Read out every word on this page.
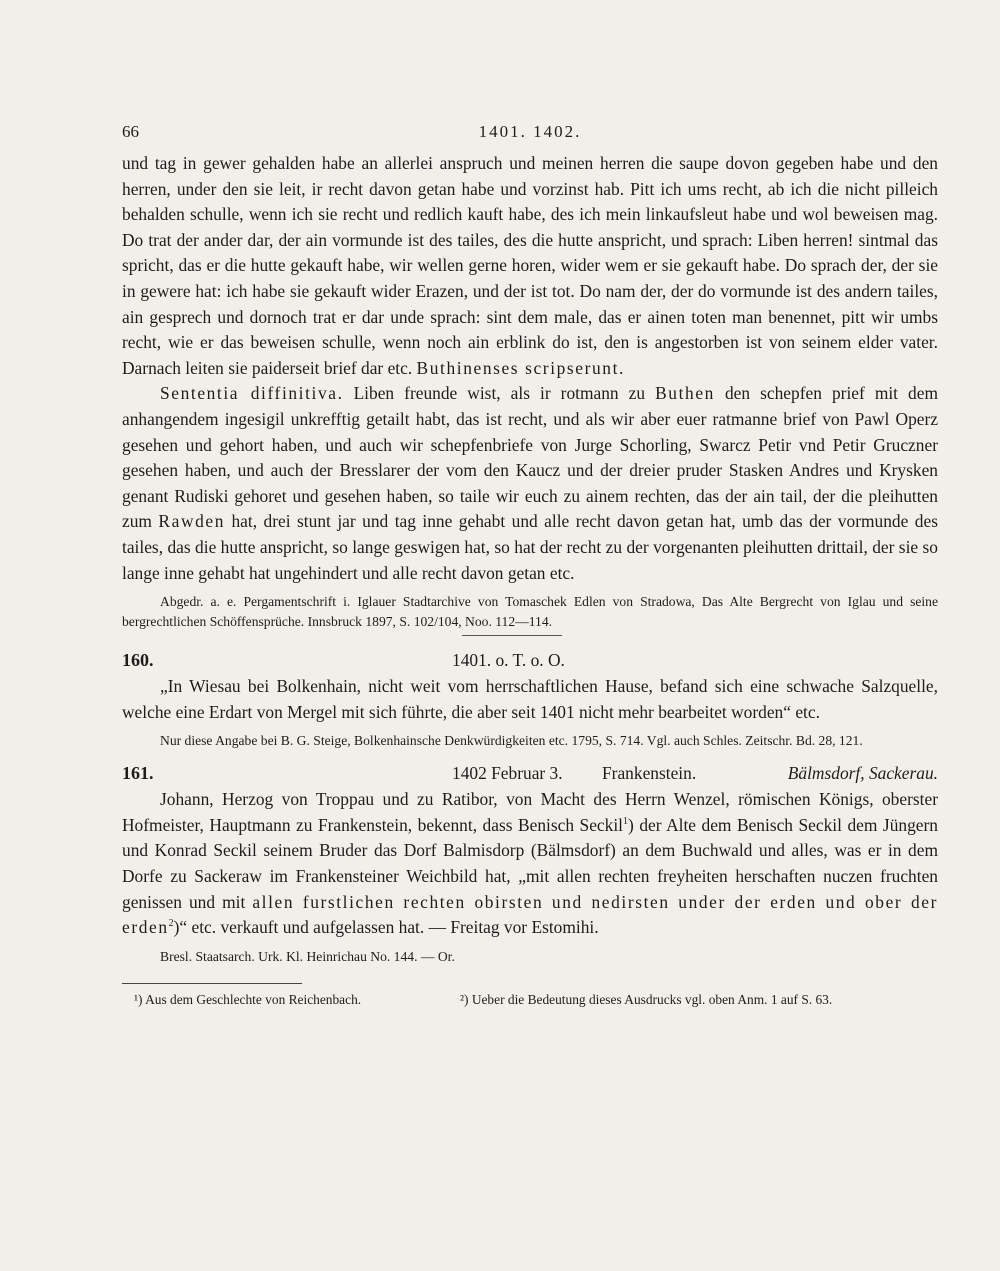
66	1401. 1402.

und tag in gewer gehalden habe an allerlei anspruch und meinen herren die saupe dovon gegeben habe und den herren, under den sie leit, ir recht davon getan habe und vorzinst hab. Pitt ich ums recht, ab ich die nicht pilleich behalden schulle, wenn ich sie recht und redlich kauft habe, des ich mein linkaufsleut habe und wol beweisen mag. Do trat der ander dar, der ain vormunde ist des tailes, des die hutte anspricht, und sprach: Liben herren! sintmal das spricht, das er die hutte gekauft habe, wir wellen gerne horen, wider wem er sie gekauft habe. Do sprach der, der sie in gewere hat: ich habe sie gekauft wider Erazen, und der ist tot. Do nam der, der do vormunde ist des andern tailes, ain gesprech und dornoch trat er dar unde sprach: sint dem male, das er ainen toten man benennet, pitt wir umbs recht, wie er das beweisen schulle, wenn noch ain erblink do ist, den is angestorben ist von seinem elder vater. Darnach leiten sie paiderseit brief dar etc. Buthinenses scripserunt.

Sententia diffinitiva. Liben freunde wist, als ir rotmann zu Buthen den schepfen prief mit dem anhangendem ingesigil unkrefftig getailt habt, das ist recht, und als wir aber euer ratmanne brief von Pawl Operz gesehen und gehort haben, und auch wir schepfenbriefe von Jurge Schorling, Swarcz Petir vnd Petir Gruczner gesehen haben, und auch der Bresslarer der vom den Kaucz und der dreier pruder Stasken Andres und Krysken genant Rudiski gehoret und gesehen haben, so taile wir euch zu ainem rechten, das der ain tail, der die pleihutten zum Rawden hat, drei stunt jar und tag inne gehabt und alle recht davon getan hat, umb das der vormunde des tailes, das die hutte anspricht, so lange geswigen hat, so hat der recht zu der vorgenanten pleihutten drittail, der sie so lange inne gehabt hat ungehindert und alle recht davon getan etc.

Abgedr. a. e. Pergamentschrift i. Iglauer Stadtarchive von Tomaschek Edlen von Stradowa, Das Alte Bergrecht von Iglau und seine bergrechtlichen Schöffensprüche. Innsbruck 1897, S. 102/104, Noo. 112—114.

160.	1401. o. T. o. O.

„In Wiesau bei Bolkenhain, nicht weit vom herrschaftlichen Hause, befand sich eine schwache Salzquelle, welche eine Erdart von Mergel mit sich führte, die aber seit 1401 nicht mehr bearbeitet worden“ etc.

Nur diese Angabe bei B. G. Steige, Bolkenhainsche Denkwürdigkeiten etc. 1795, S. 714. Vgl. auch Schles. Zeitschr. Bd. 28, 121.

161.	1402 Februar 3. Frankenstein.	Bälmsdorf, Sackerau.

Johann, Herzog von Troppau und zu Ratibor, von Macht des Herrn Wenzel, römischen Königs, oberster Hofmeister, Hauptmann zu Frankenstein, bekennt, dass Benisch Seckil$^1$) der Alte dem Benisch Seckil dem Jüngern und Konrad Seckil seinem Bruder das Dorf Balmisdorp (Bälmsdorf) an dem Buchwald und alles, was er in dem Dorfe zu Sackeraw im Frankensteiner Weichbild hat, „mit allen rechten freyheiten herschaften nuczen fruchten genissen und mit allen furstlichen rechten obirsten und nedirsten under der erden und ober der erden$^2$)“ etc. verkauft und aufgelassen hat. — Freitag vor Estomihi.

Bresl. Staatsarch. Urk. Kl. Heinrichau No. 144. — Or.

¹) Aus dem Geschlechte von Reichenbach.	²) Ueber die Bedeutung dieses Ausdrucks vgl. oben Anm. 1 auf S. 63.
